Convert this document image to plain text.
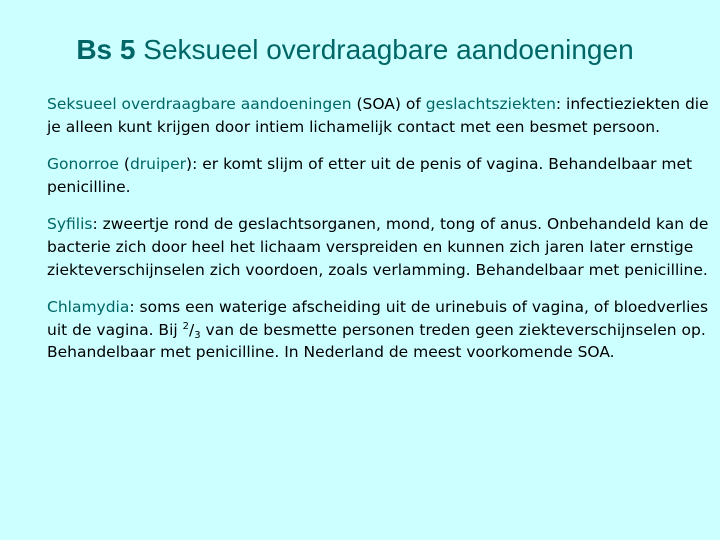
Bs 5 Seksueel overdraagbare aandoeningen

Seksueel overdraagbare aandoeningen (SOA) of geslachtsziekten: infectieziekten die je alleen kunt krijgen door intiem lichamelijk contact met een besmet persoon.

Gonorroe (druiper): er komt slijm of etter uit de penis of vagina. Behandelbaar met penicilline.

Syfilis: zweertje rond de geslachtsorganen, mond, tong of anus. Onbehandeld kan de bacterie zich door heel het lichaam verspreiden en kunnen zich jaren later ernstige ziekteverschijnselen zich voordoen, zoals verlamming. Behandelbaar met penicilline.

Chlamydia: soms een waterige afscheiding uit de urinebuis of vagina, of bloedverlies uit de vagina. Bij $^2/_3$ van de besmette personen treden geen ziekteverschijnselen op. Behandelbaar met penicilline. In Nederland de meest voorkomende SOA.
